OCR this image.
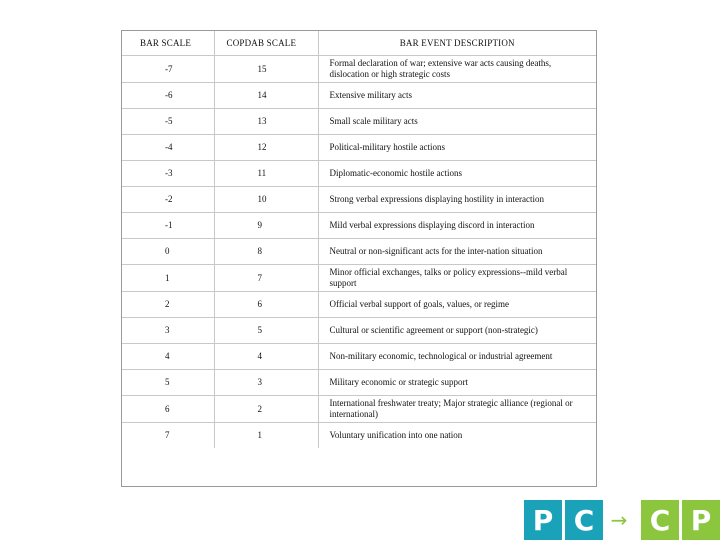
BAR SCALE	COPDAB SCALE	BAR EVENT DESCRIPTION
-7	15	Formal declaration of war; extensive war acts causing deaths, dislocation or high strategic costs
-6	14	Extensive military acts
-5	13	Small scale military acts
-4	12	Political-military hostile actions
-3	11	Diplomatic-economic hostile actions
-2	10	Strong verbal expressions displaying hostility in interaction
-1	9	Mild verbal expressions displaying discord in interaction
0	8	Neutral or non-significant acts for the inter-nation situation
1	7	Minor official exchanges, talks or policy expressions--mild verbal support
2	6	Official verbal support of goals, values, or regime
3	5	Cultural or scientific agreement or support (non-strategic)
4	4	Non-military economic, technological or industrial agreement
5	3	Military economic or strategic support
6	2	International freshwater treaty; Major strategic alliance (regional or international)
7	1	Voluntary unification into one nation
P C → C P
